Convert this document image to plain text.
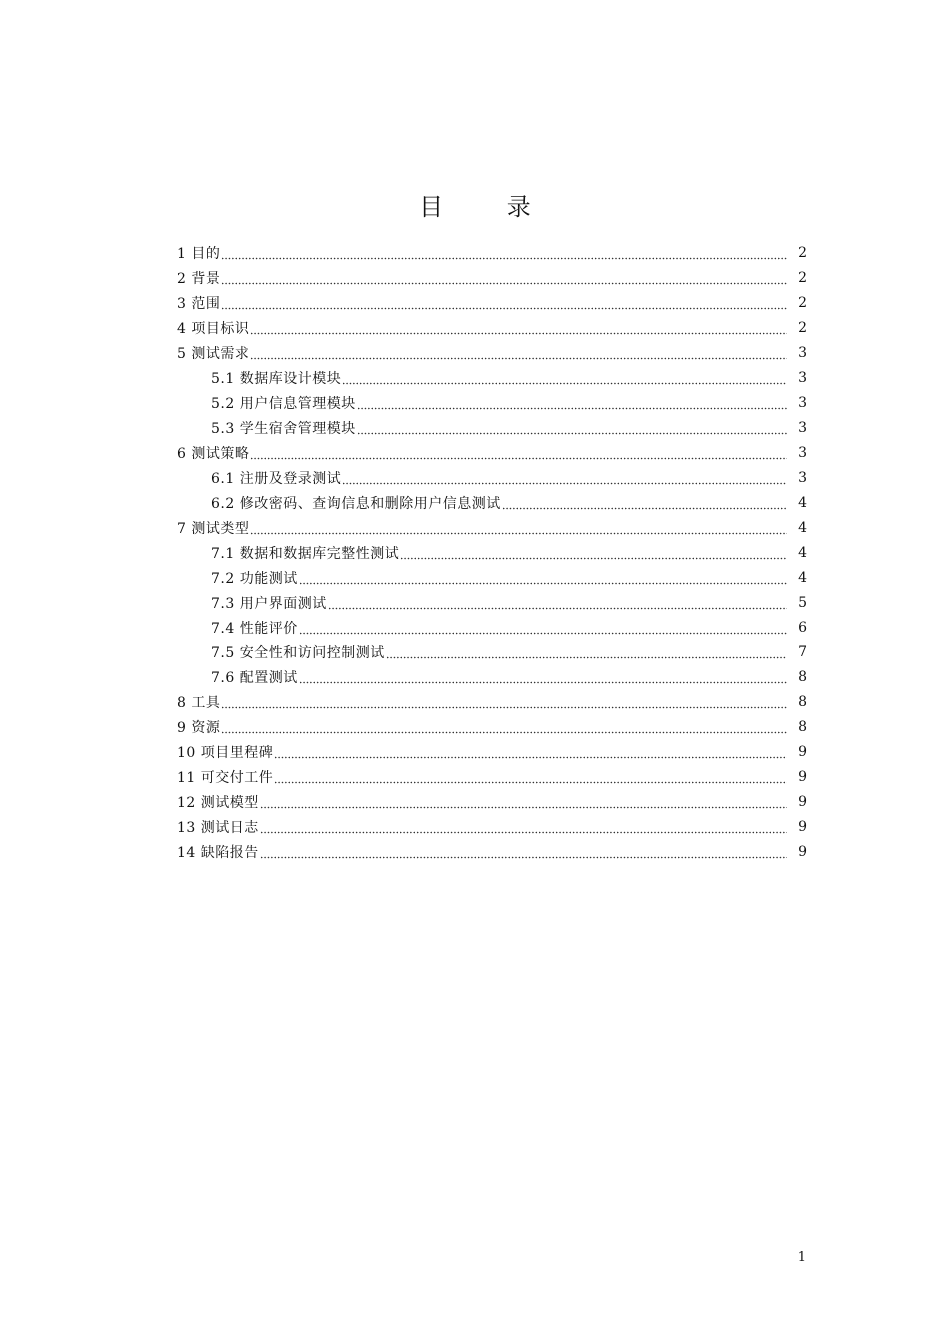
目 录
1 目的	2
2 背景	2
3 范围	2
4 项目标识	2
5 测试需求	3
5.1 数据库设计模块	3
5.2 用户信息管理模块	3
5.3 学生宿舍管理模块	3
6 测试策略	3
6.1 注册及登录测试	3
6.2 修改密码、查询信息和删除用户信息测试	4
7 测试类型	4
7.1 数据和数据库完整性测试	4
7.2 功能测试	4
7.3 用户界面测试	5
7.4 性能评价	6
7.5 安全性和访问控制测试	7
7.6 配置测试	8
8 工具	8
9 资源	8
10 项目里程碑	9
11 可交付工件	9
12 测试模型	9
13 测试日志	9
14 缺陷报告	9
1
